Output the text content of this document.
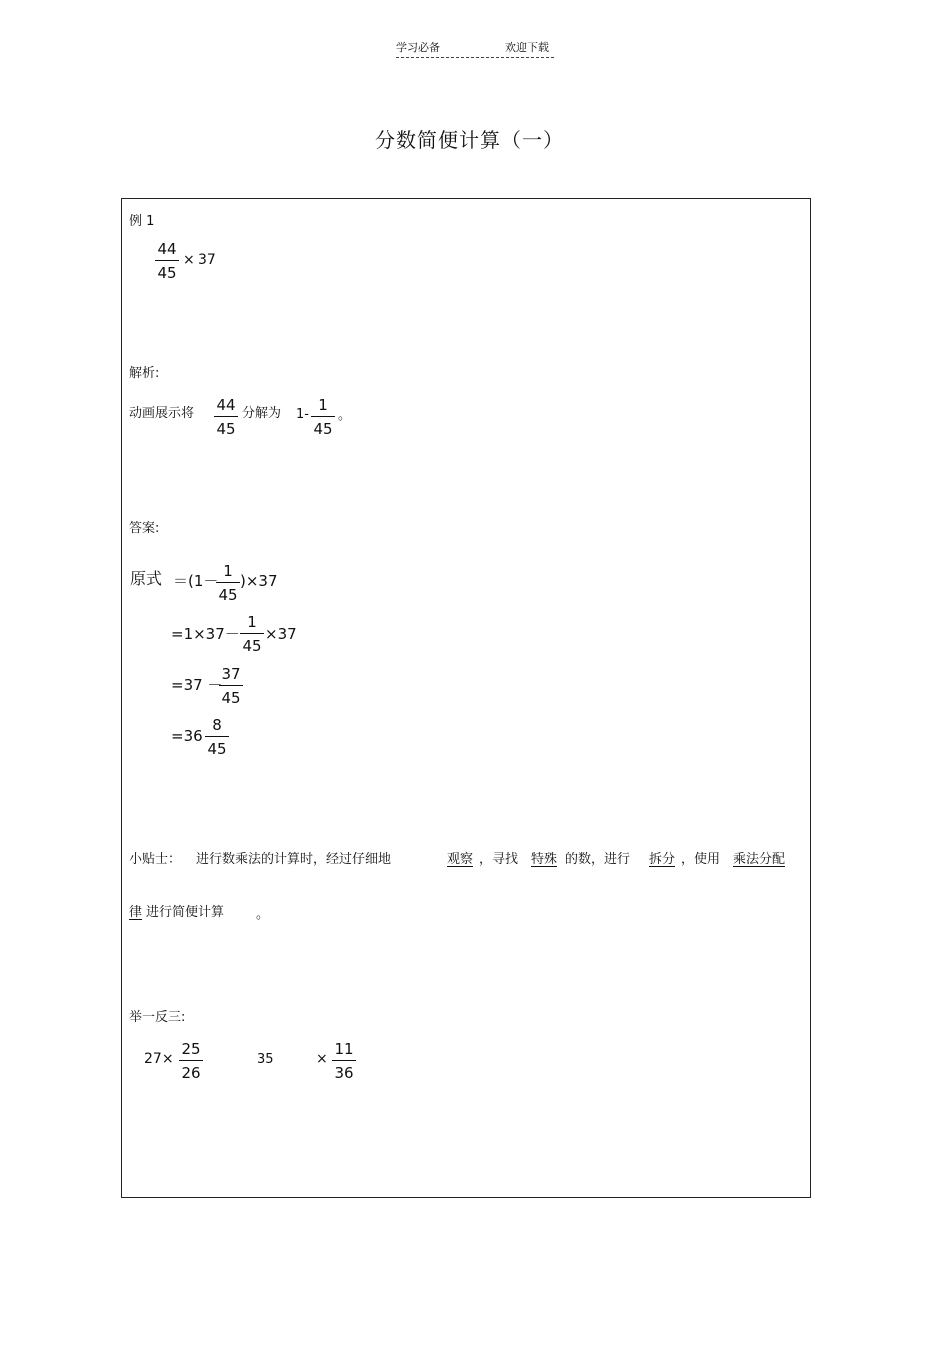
学习必备	欢迎下载
分数简便计算（一）
例 1
44
45
× 37
解析:
动画展示将 44
45
分解为 1-
1
45
。
答案:
原式 ＝(1－
1
45
)×37
=1×37－
1
45
×37
=37 －
37
45
=36
8
45
小贴士： 进行数乘法的计算时，经过仔细地	观察 ，寻找 特殊 的数，进行 拆分 ，使用 乘法分配
律 进行简便计算 。
举一反三:
27×
25
26
35	×
11
36
